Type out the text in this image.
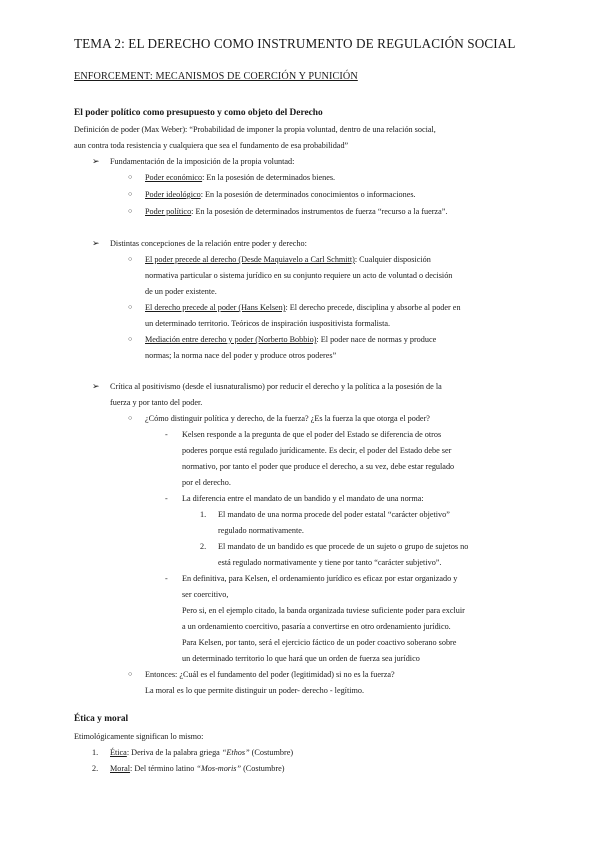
TEMA 2: EL DERECHO COMO INSTRUMENTO DE REGULACIÓN SOCIAL
ENFORCEMENT: MECANISMOS DE COERCIÓN Y PUNICIÓN
El poder político como presupuesto y como objeto del Derecho
Definición de poder (Max Weber): “Probabilidad de imponer la propia voluntad, dentro de una relación social,
aun contra toda resistencia y cualquiera que sea el fundamento de esa probabilidad”
➢ Fundamentación de la imposición de la propia voluntad:
○ Poder económico: En la posesión de determinados bienes.
○ Poder ideológico: En la posesión de determinados conocimientos o informaciones.
○ Poder político: En la posesión de determinados instrumentos de fuerza “recurso a la fuerza”.
➢ Distintas concepciones de la relación entre poder y derecho:
○ El poder precede al derecho (Desde Maquiavelo a Carl Schmitt): Cualquier disposición
normativa particular o sistema jurídico en su conjunto requiere un acto de voluntad o decisión
de un poder existente.
○ El derecho precede al poder (Hans Kelsen): El derecho precede, disciplina y absorbe al poder en
un determinado territorio. Teóricos de inspiración iuspositivista formalista.
○ Mediación entre derecho y poder (Norberto Bobbio): El poder nace de normas y produce
normas; la norma nace del poder y produce otros poderes”
➢ Crítica al positivismo (desde el iusnaturalismo) por reducir el derecho y la política a la posesión de la
fuerza y por tanto del poder.
○ ¿Cómo distinguir política y derecho, de la fuerza? ¿Es la fuerza la que otorga el poder?
- Kelsen responde a la pregunta de que el poder del Estado se diferencia de otros
poderes porque está regulado jurídicamente. Es decir, el poder del Estado debe ser
normativo, por tanto el poder que produce el derecho, a su vez, debe estar regulado
por el derecho.
- La diferencia entre el mandato de un bandido y el mandato de una norma:
1. El mandato de una norma procede del poder estatal “carácter objetivo”
regulado normativamente.
2. El mandato de un bandido es que procede de un sujeto o grupo de sujetos no
está regulado normativamente y tiene por tanto “carácter subjetivo”.
- En definitiva, para Kelsen, el ordenamiento jurídico es eficaz por estar organizado y
ser coercitivo,
Pero si, en el ejemplo citado, la banda organizada tuviese suficiente poder para excluir
a un ordenamiento coercitivo, pasaría a convertirse en otro ordenamiento jurídico.
Para Kelsen, por tanto, será el ejercicio fáctico de un poder coactivo soberano sobre
un determinado territorio lo que hará que un orden de fuerza sea jurídico
○ Entonces: ¿Cuál es el fundamento del poder (legitimidad) si no es la fuerza?
La moral es lo que permite distinguir un poder- derecho - legítimo.
Ética y moral
Etimológicamente significan lo mismo:
1. Ética: Deriva de la palabra griega “Ethos” (Costumbre)
2. Moral: Del término latino “Mos-moris” (Costumbre)
